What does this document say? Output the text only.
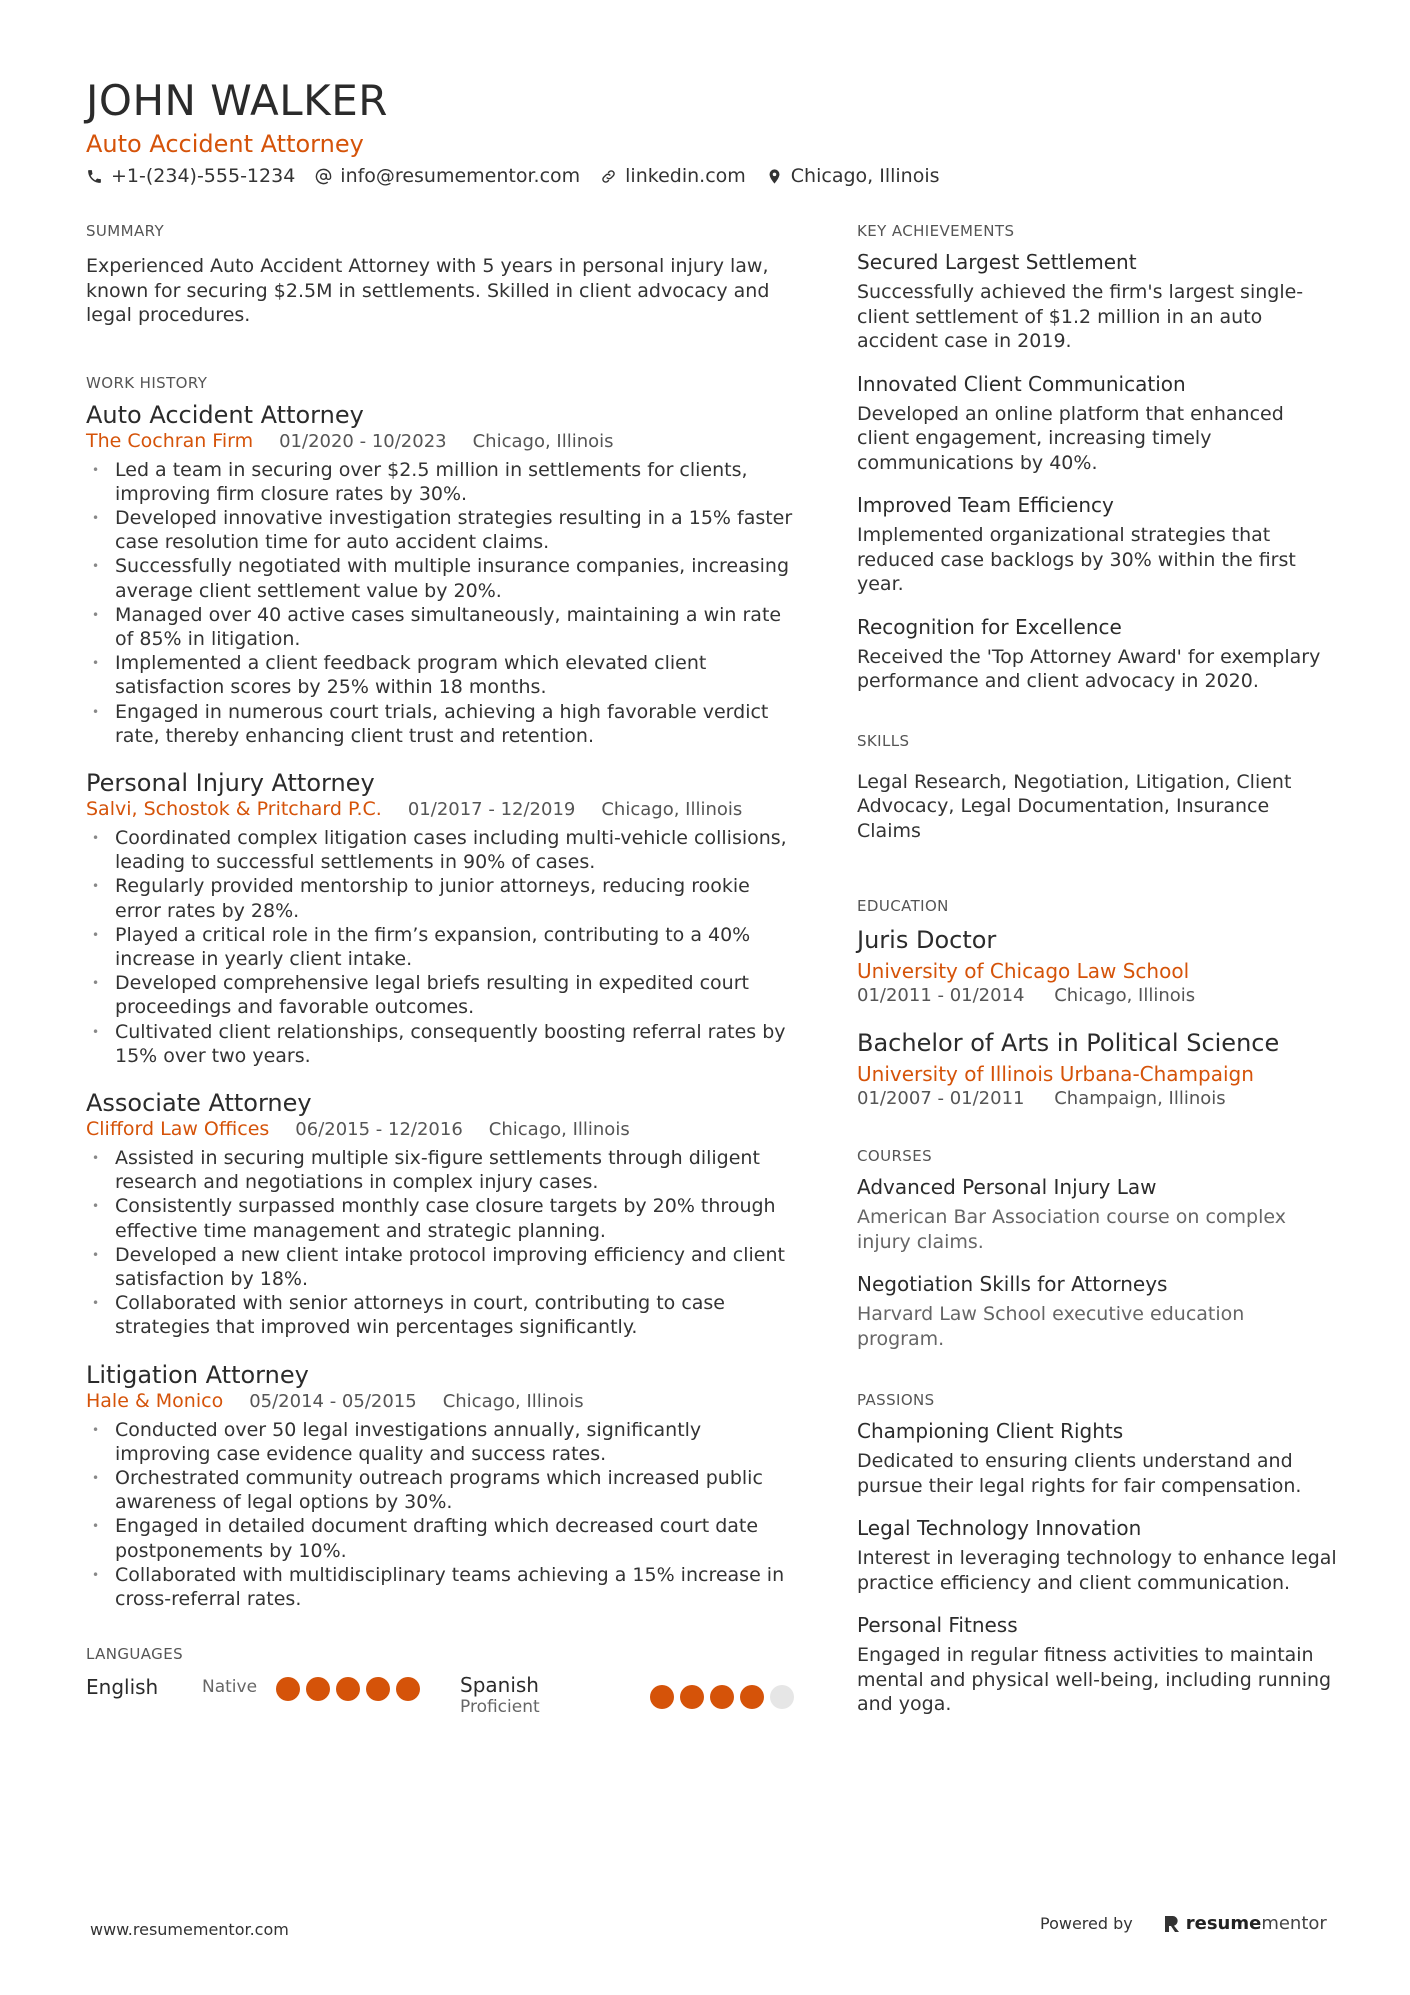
JOHN WALKER
Auto Accident Attorney
+1-(234)-555-1234 info@resumementor.com linkedin.com Chicago, Illinois
SUMMARY
Experienced Auto Accident Attorney with 5 years in personal injury law, known for securing $2.5M in settlements. Skilled in client advocacy and legal procedures.
WORK HISTORY
Auto Accident Attorney
The Cochran Firm 01/2020 - 10/2023 Chicago, Illinois
• Led a team in securing over $2.5 million in settlements for clients, improving firm closure rates by 30%.
• Developed innovative investigation strategies resulting in a 15% faster case resolution time for auto accident claims.
• Successfully negotiated with multiple insurance companies, increasing average client settlement value by 20%.
• Managed over 40 active cases simultaneously, maintaining a win rate of 85% in litigation.
• Implemented a client feedback program which elevated client satisfaction scores by 25% within 18 months.
• Engaged in numerous court trials, achieving a high favorable verdict rate, thereby enhancing client trust and retention.
Personal Injury Attorney
Salvi, Schostok & Pritchard P.C. 01/2017 - 12/2019 Chicago, Illinois
• Coordinated complex litigation cases including multi-vehicle collisions, leading to successful settlements in 90% of cases.
• Regularly provided mentorship to junior attorneys, reducing rookie error rates by 28%.
• Played a critical role in the firm’s expansion, contributing to a 40% increase in yearly client intake.
• Developed comprehensive legal briefs resulting in expedited court proceedings and favorable outcomes.
• Cultivated client relationships, consequently boosting referral rates by 15% over two years.
Associate Attorney
Clifford Law Offices 06/2015 - 12/2016 Chicago, Illinois
• Assisted in securing multiple six-figure settlements through diligent research and negotiations in complex injury cases.
• Consistently surpassed monthly case closure targets by 20% through effective time management and strategic planning.
• Developed a new client intake protocol improving efficiency and client satisfaction by 18%.
• Collaborated with senior attorneys in court, contributing to case strategies that improved win percentages significantly.
Litigation Attorney
Hale & Monico 05/2014 - 05/2015 Chicago, Illinois
• Conducted over 50 legal investigations annually, significantly improving case evidence quality and success rates.
• Orchestrated community outreach programs which increased public awareness of legal options by 30%.
• Engaged in detailed document drafting which decreased court date postponements by 10%.
• Collaborated with multidisciplinary teams achieving a 15% increase in cross-referral rates.
LANGUAGES
English	Native	Spanish
Proficient
KEY ACHIEVEMENTS
Secured Largest Settlement
Successfully achieved the firm's largest single-client settlement of $1.2 million in an auto accident case in 2019.
Innovated Client Communication
Developed an online platform that enhanced client engagement, increasing timely communications by 40%.
Improved Team Efficiency
Implemented organizational strategies that reduced case backlogs by 30% within the first year.
Recognition for Excellence
Received the 'Top Attorney Award' for exemplary performance and client advocacy in 2020.
SKILLS
Legal Research, Negotiation, Litigation, Client Advocacy, Legal Documentation, Insurance Claims
EDUCATION
Juris Doctor
University of Chicago Law School
01/2011 - 01/2014 Chicago, Illinois
Bachelor of Arts in Political Science
University of Illinois Urbana-Champaign
01/2007 - 01/2011 Champaign, Illinois
COURSES
Advanced Personal Injury Law
American Bar Association course on complex injury claims.
Negotiation Skills for Attorneys
Harvard Law School executive education program.
PASSIONS
Championing Client Rights
Dedicated to ensuring clients understand and pursue their legal rights for fair compensation.
Legal Technology Innovation
Interest in leveraging technology to enhance legal practice efficiency and client communication.
Personal Fitness
Engaged in regular fitness activities to maintain mental and physical well-being, including running and yoga.
www.resumementor.com	Powered by	resume mentor
